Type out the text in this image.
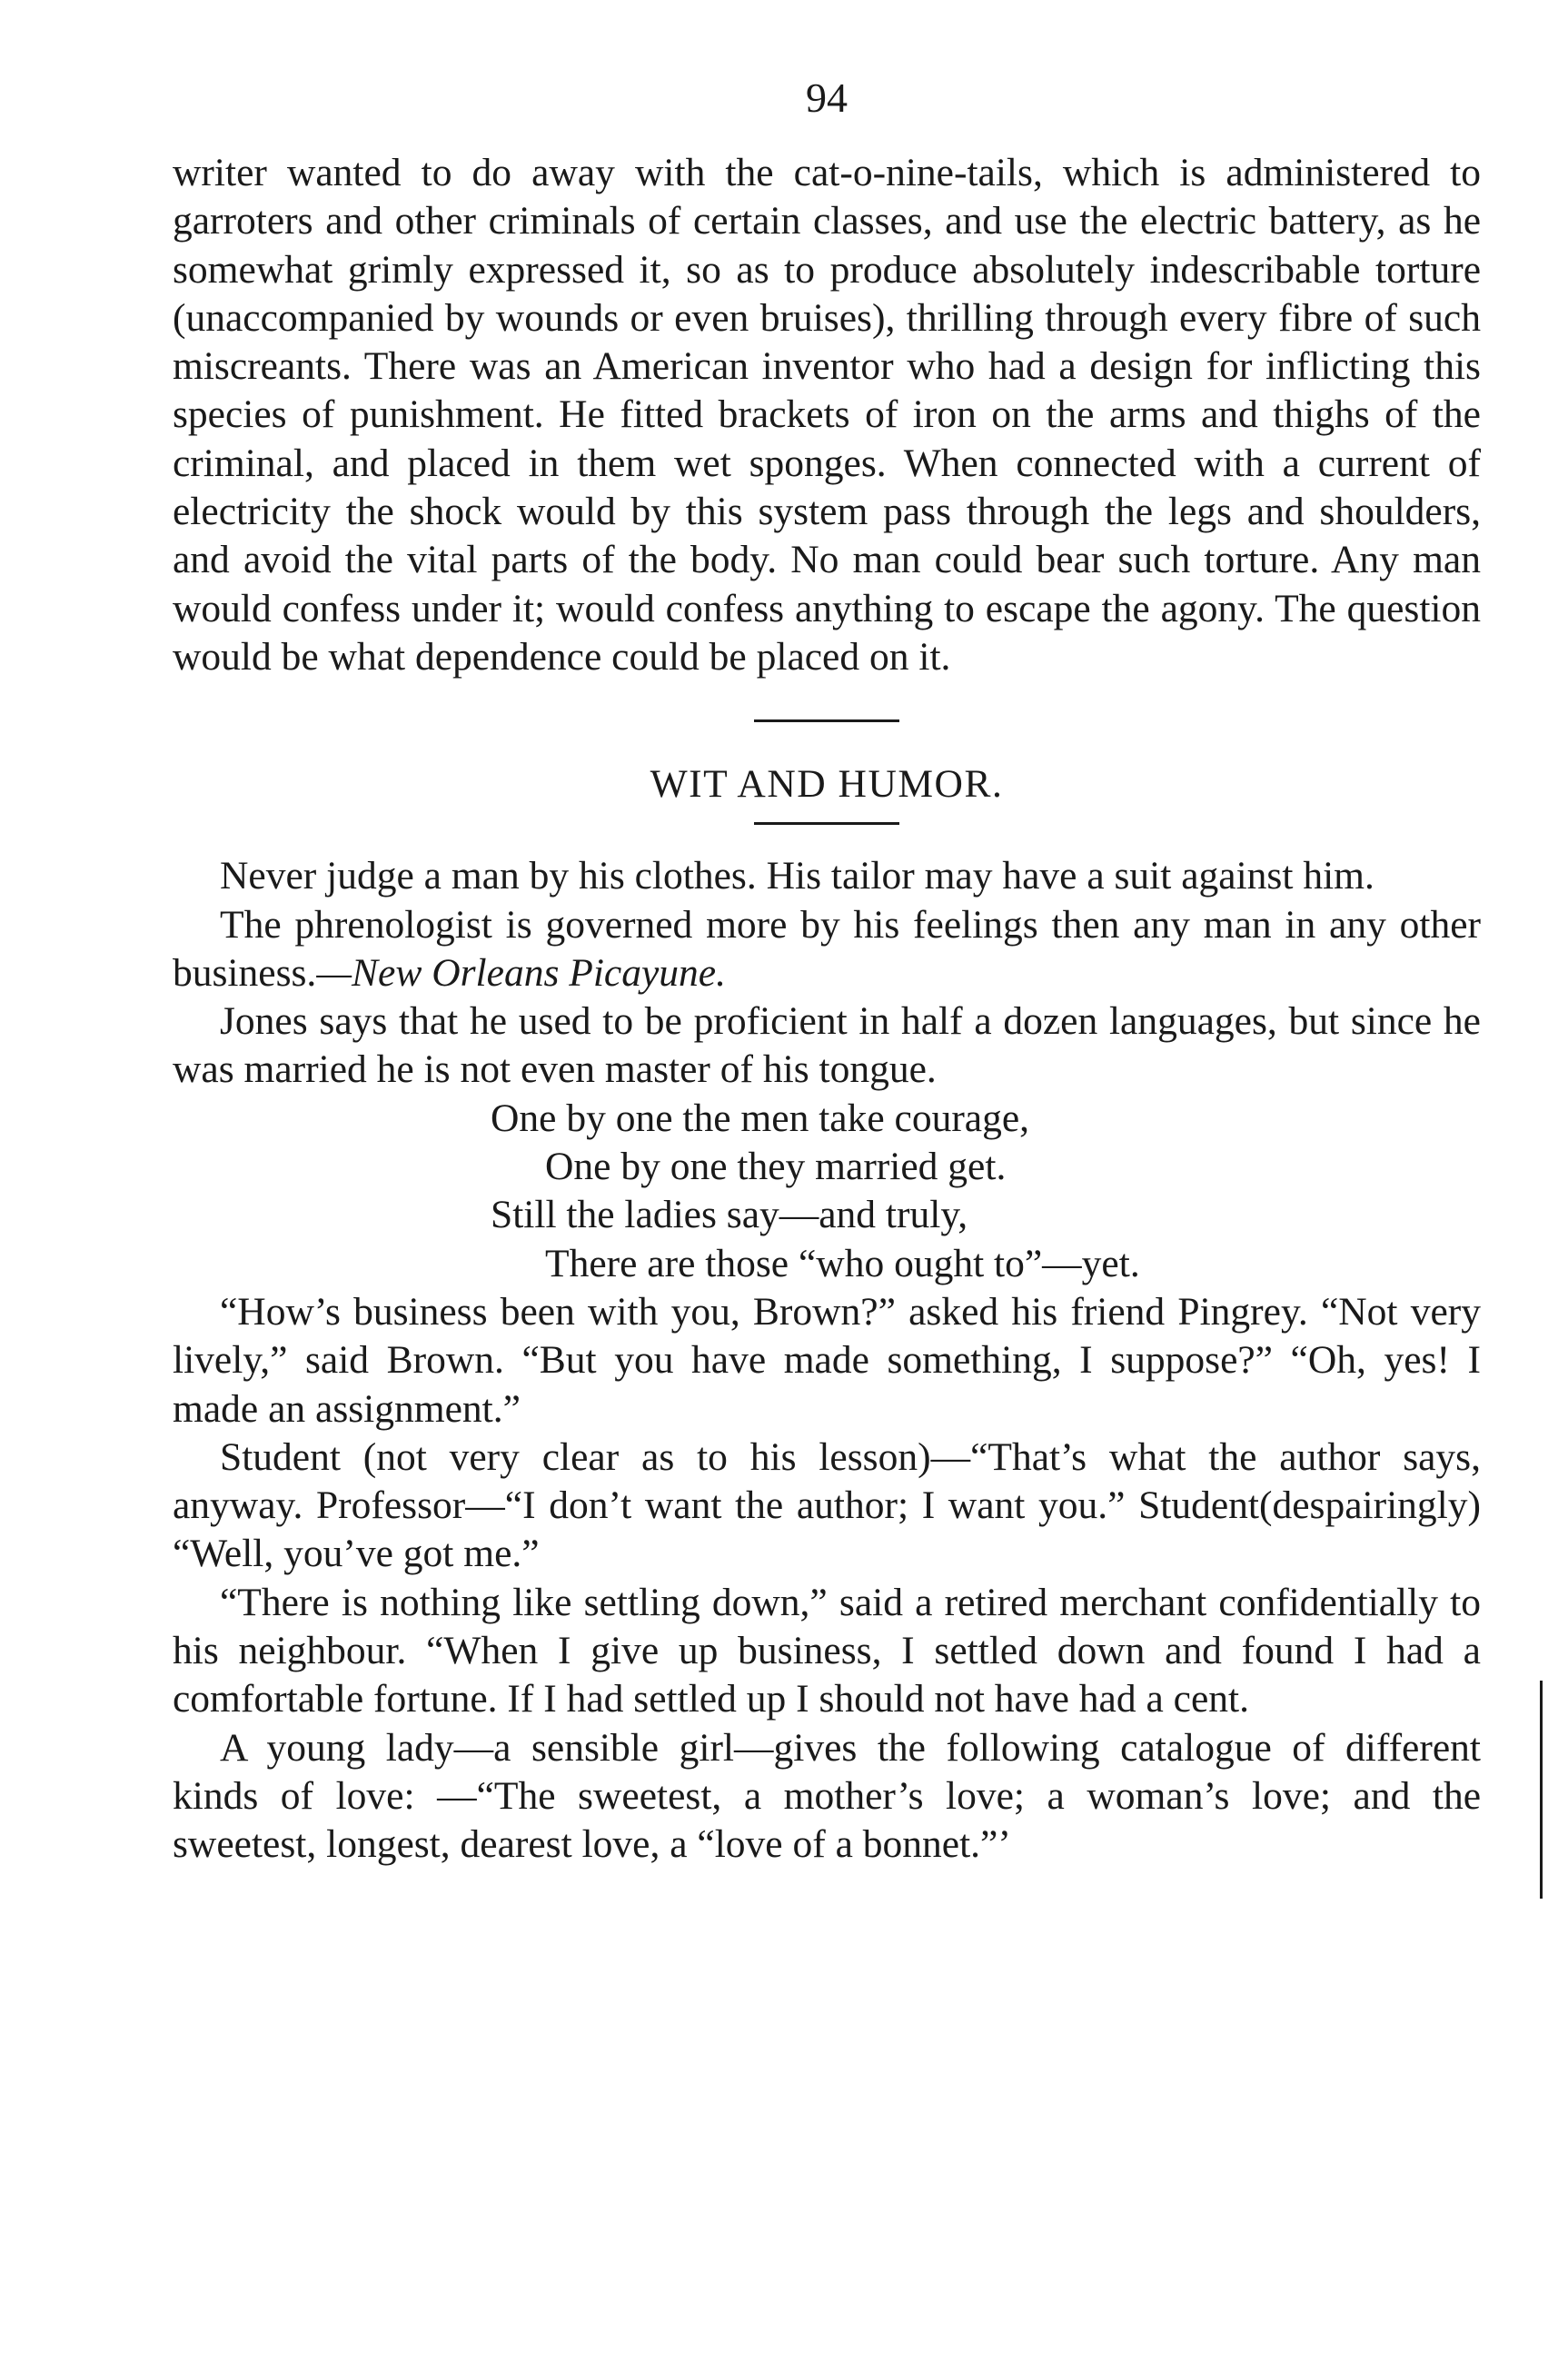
94

writer wanted to do away with the cat-o-nine-tails, which is administered to garroters and other criminals of certain classes, and use the electric battery, as he somewhat grimly expressed it, so as to produce absolutely indescribable torture (unaccompanied by wounds or even bruises), thrilling through every fibre of such miscreants. There was an American inventor who had a design for inflicting this species of punishment. He fitted brackets of iron on the arms and thighs of the criminal, and placed in them wet sponges. When connected with a current of electricity the shock would by this system pass through the legs and shoulders, and avoid the vital parts of the body. No man could bear such torture. Any man would confess under it; would confess anything to escape the agony. The question would be what dependence could be placed on it.

WIT AND HUMOR.

Never judge a man by his clothes. His tailor may have a suit against him.

The phrenologist is governed more by his feelings then any man in any other business.—New Orleans Picayune.

Jones says that he used to be proficient in half a dozen languages, but since he was married he is not even master of his tongue.

One by one the men take courage,
One by one they married get.
Still the ladies say—and truly,
There are those “who ought to”—yet.

“How’s business been with you, Brown?” asked his friend Pingrey. “Not very lively,” said Brown. “But you have made something, I suppose?” “Oh, yes! I made an assignment.”

Student (not very clear as to his lesson)—“That’s what the author says, anyway. Professor—“I don’t want the author; I want you.” Student(despairingly) “Well, you’ve got me.”

“There is nothing like settling down,” said a retired merchant confidentially to his neighbour. “When I give up business, I settled down and found I had a comfortable fortune. If I had settled up I should not have had a cent.

A young lady—a sensible girl—gives the following catalogue of different kinds of love: —“The sweetest, a mother’s love; a woman’s love; and the sweetest, longest, dearest love, a “love of a bonnet.”’
